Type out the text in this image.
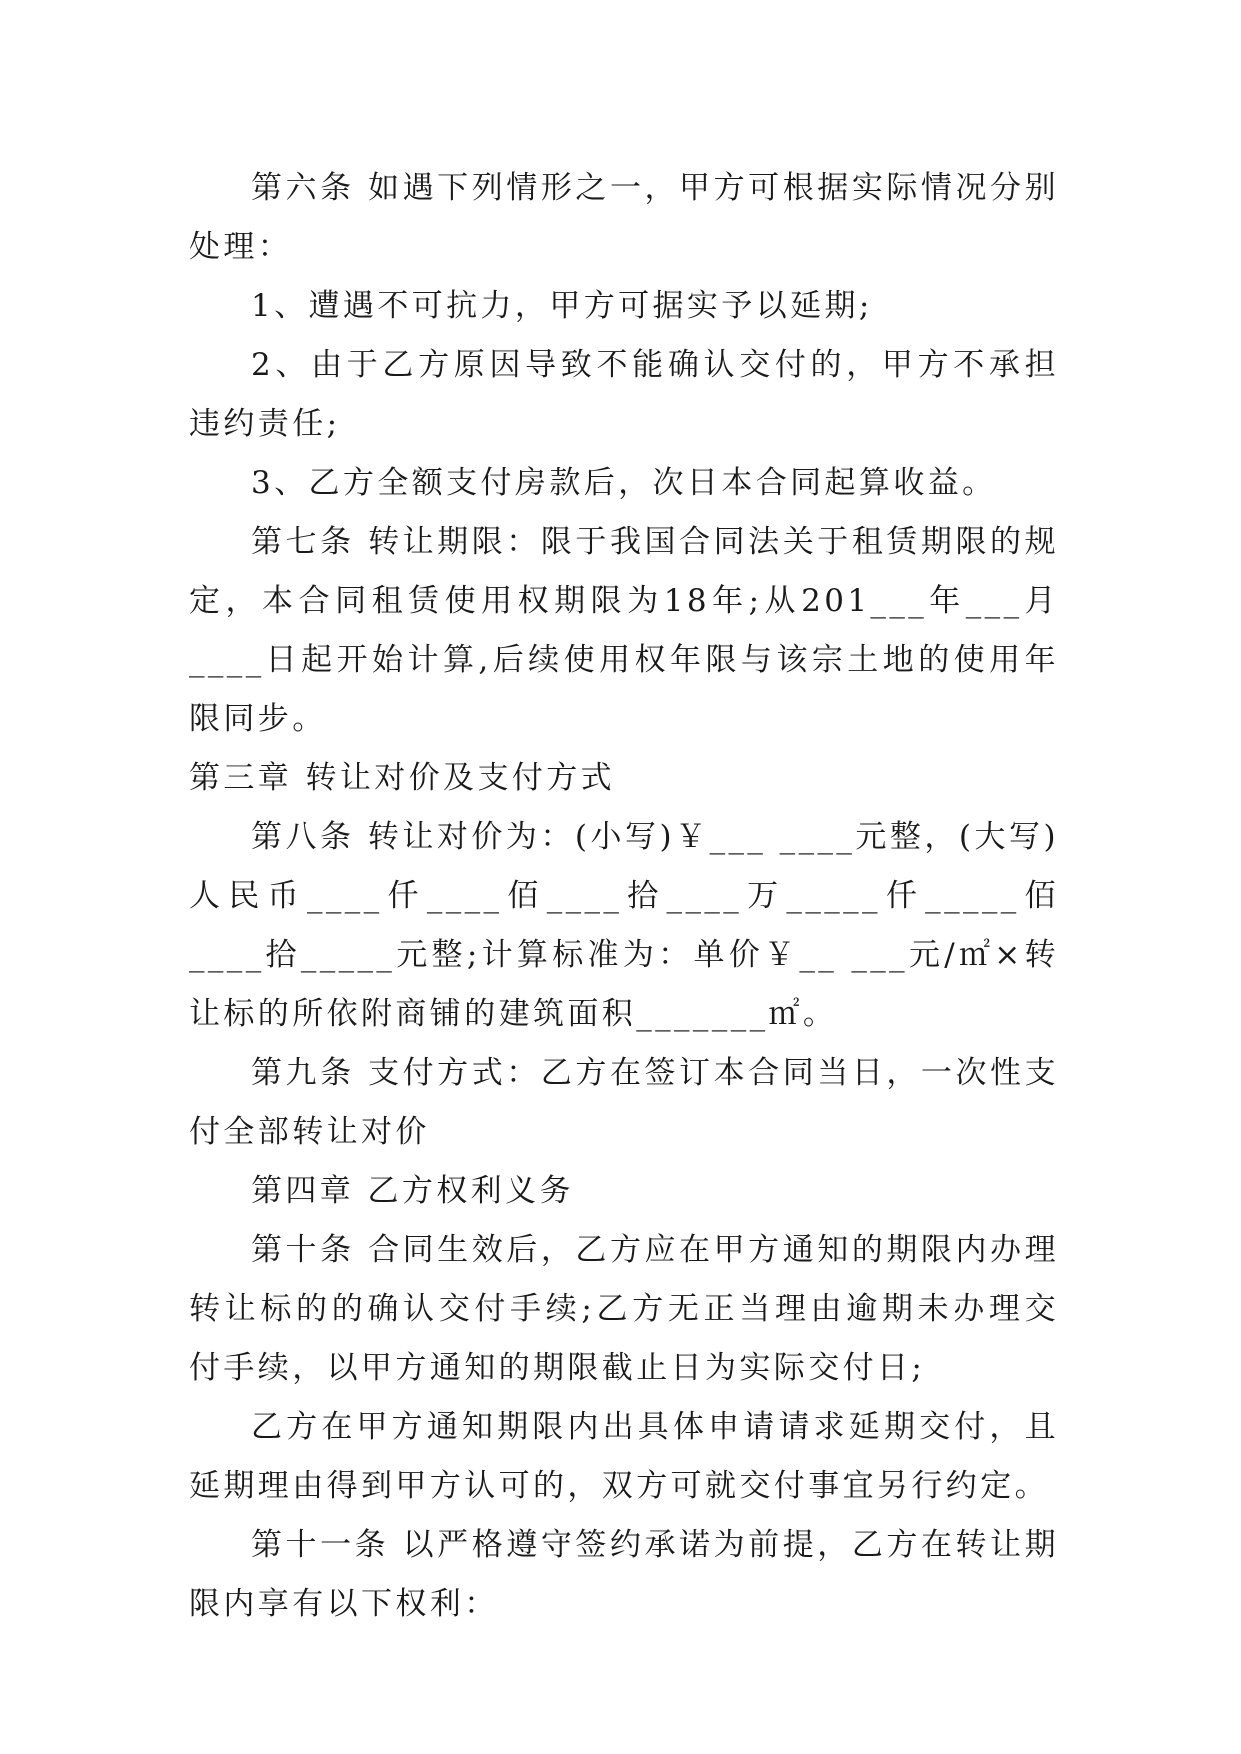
第六条 如遇下列情形之一，甲方可根据实际情况分别处理：

1、遭遇不可抗力，甲方可据实予以延期;

2、由于乙方原因导致不能确认交付的，甲方不承担违约责任;

3、乙方全额支付房款后，次日本合同起算收益。

第七条 转让期限：限于我国合同法关于租赁期限的规定，本合同租赁使用权期限为18年;从201___年___月____日起开始计算,后续使用权年限与该宗土地的使用年限同步。

第三章 转让对价及支付方式

第八条 转让对价为：(小写)￥___ ____元整，(大写)人民币____仟____佰____拾____万_____仟_____佰____拾_____元整;计算标准为：单价￥__ ___元/㎡×转让标的所依附商铺的建筑面积_______㎡。

第九条 支付方式：乙方在签订本合同当日，一次性支付全部转让对价

第四章 乙方权利义务

第十条 合同生效后，乙方应在甲方通知的期限内办理转让标的的确认交付手续;乙方无正当理由逾期未办理交付手续，以甲方通知的期限截止日为实际交付日;

乙方在甲方通知期限内出具体申请请求延期交付，且延期理由得到甲方认可的，双方可就交付事宜另行约定。

第十一条 以严格遵守签约承诺为前提，乙方在转让期限内享有以下权利：
